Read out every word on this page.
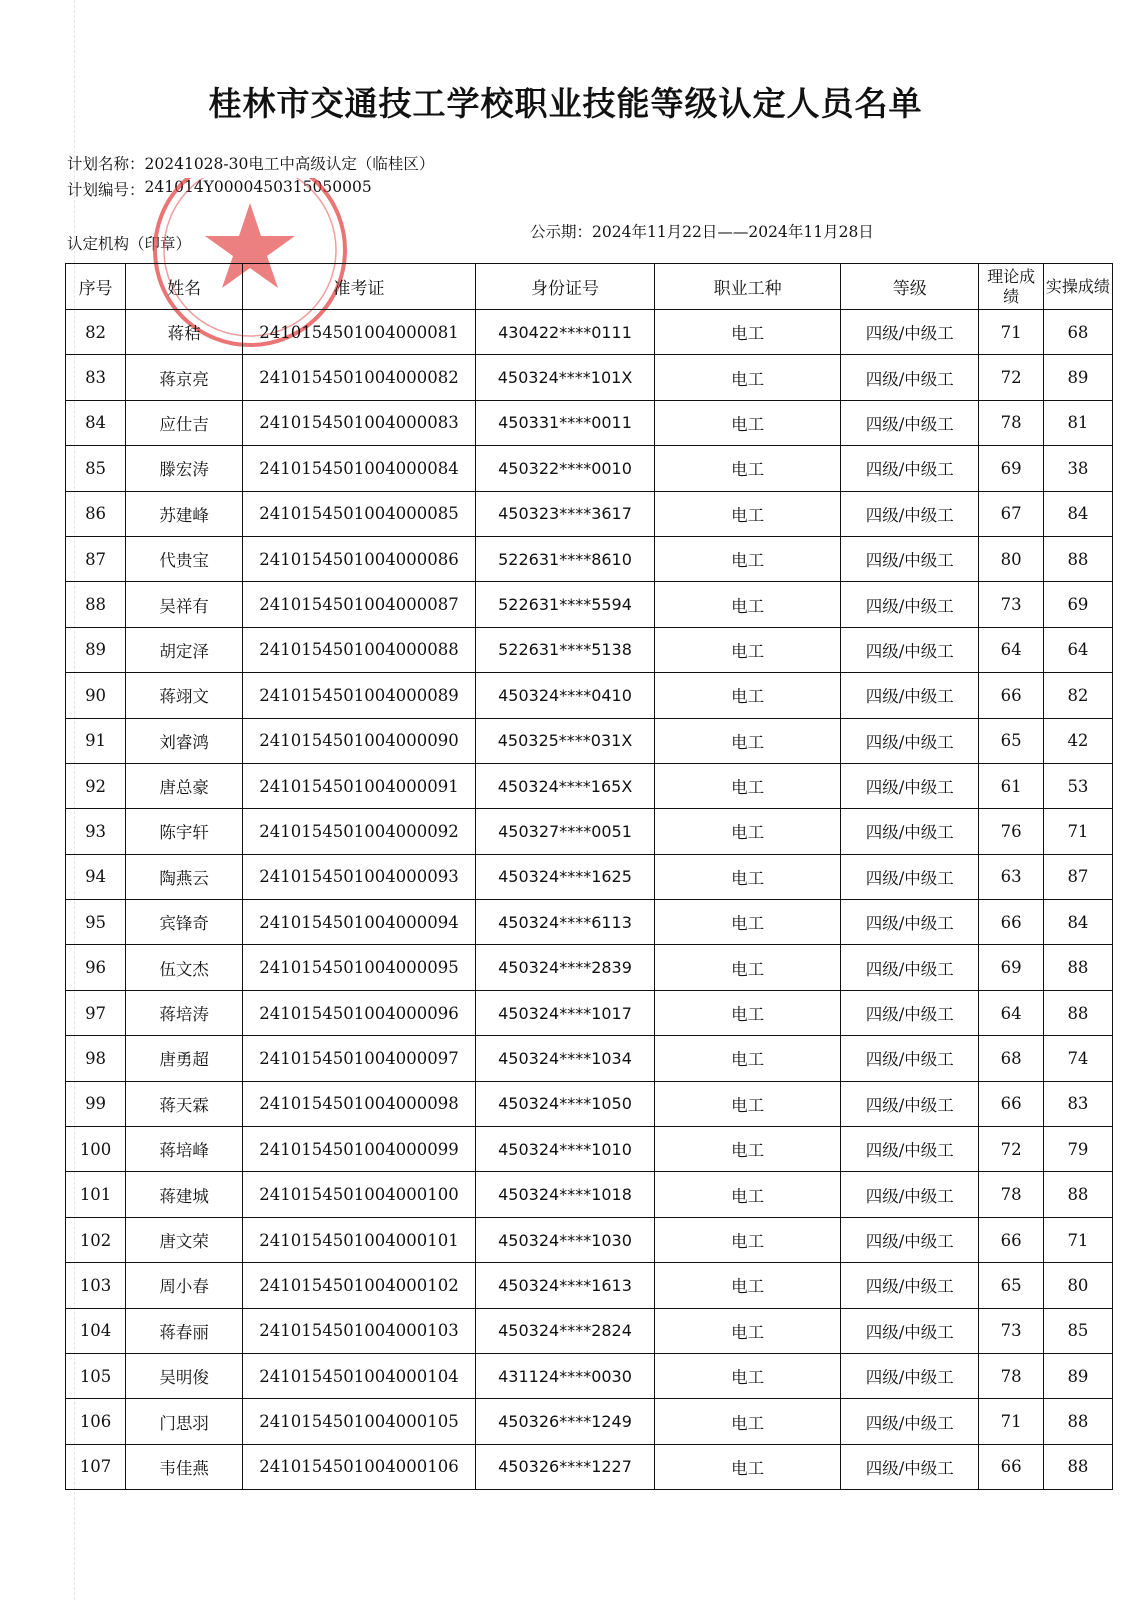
桂林市交通技工学校职业技能等级认定人员名单
计划名称： 20241028-30电工中高级认定（临桂区）
计划编号： 241014Y000045031505000​5
认定机构（印章）
公示期： 2024年11月22日——2024年11月28日
序号	姓名	准考证	身份证号	职业工种	等级	理论成绩	实操成绩
82	蒋秸	2410154501004000081	430422****0111	电工	四级/中级工	71	68
83	蒋京亮	2410154501004000082	450324****101X	电工	四级/中级工	72	89
84	应仕吉	2410154501004000083	450331****0011	电工	四级/中级工	78	81
85	滕宏涛	2410154501004000084	450322****0010	电工	四级/中级工	69	38
86	苏建峰	2410154501004000085	450323****3617	电工	四级/中级工	67	84
87	代贵宝	2410154501004000086	522631****8610	电工	四级/中级工	80	88
88	吴祥有	2410154501004000087	522631****5594	电工	四级/中级工	73	69
89	胡定泽	2410154501004000088	522631****5138	电工	四级/中级工	64	64
90	蒋翊文	2410154501004000089	450324****0410	电工	四级/中级工	66	82
91	刘睿鸿	2410154501004000090	450325****031X	电工	四级/中级工	65	42
92	唐总豪	2410154501004000091	450324****165X	电工	四级/中级工	61	53
93	陈宇轩	2410154501004000092	450327****0051	电工	四级/中级工	76	71
94	陶燕云	2410154501004000093	450324****1625	电工	四级/中级工	63	87
95	宾锋奇	2410154501004000094	450324****6113	电工	四级/中级工	66	84
96	伍文杰	2410154501004000095	450324****2839	电工	四级/中级工	69	88
97	蒋培涛	2410154501004000096	450324****1017	电工	四级/中级工	64	88
98	唐勇超	2410154501004000097	450324****1034	电工	四级/中级工	68	74
99	蒋天霖	2410154501004000098	450324****1050	电工	四级/中级工	66	83
100	蒋培峰	2410154501004000099	450324****1010	电工	四级/中级工	72	79
101	蒋建城	2410154501004000100	450324****1018	电工	四级/中级工	78	88
102	唐文荣	2410154501004000101	450324****1030	电工	四级/中级工	66	71
103	周小春	2410154501004000102	450324****1613	电工	四级/中级工	65	80
104	蒋春丽	2410154501004000103	450324****2824	电工	四级/中级工	73	85
105	吴明俊	2410154501004000104	431124****0030	电工	四级/中级工	78	89
106	门思羽	2410154501004000105	450326****1249	电工	四级/中级工	71	88
107	韦佳燕	2410154501004000106	450326****1227	电工	四级/中级工	66	88
